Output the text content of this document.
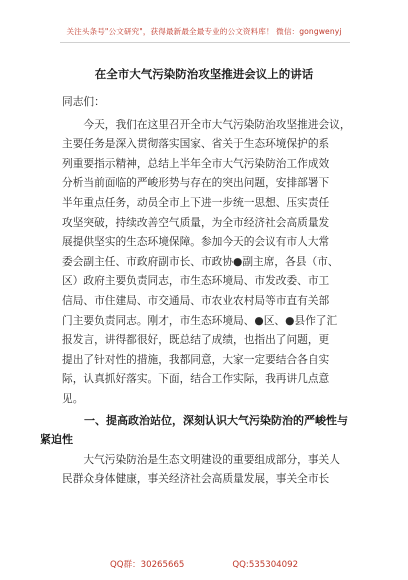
关注头条号"公文研究"，获得最新最全最专业的公文资料库！ 微信：gongwenyj
在全市大气污染防治攻坚推进会议上的讲话

同志们：

今天，我们在这里召开全市大气污染防治攻坚推进会议，
主要任务是深入贯彻落实国家、省关于生态环境保护的系
列重要指示精神，总结上半年全市大气污染防治工作成效
分析当前面临的严峻形势与存在的突出问题，安排部署下
半年重点任务，动员全市上下进一步统一思想、压实责任
攻坚突破，持续改善空气质量，为全市经济社会高质量发
展提供坚实的生态环境保障。参加今天的会议有市人大常
委会副主任、市政府副市长、市政协●副主席，各县（市、
区）政府主要负责同志，市生态环境局、市发改委、市工
信局、市住建局、市交通局、市农业农村局等市直有关部
门主要负责同志。刚才，市生态环境局、●区、●县作了汇
报发言，讲得都很好，既总结了成绩，也指出了问题，更
提出了针对性的措施，我都同意，大家一定要结合各自实
际，认真抓好落实。下面，结合工作实际，我再讲几点意
见。

一、提高政治站位，深刻认识大气污染防治的严峻性与
紧迫性

大气污染防治是生态文明建设的重要组成部分，事关人
民群众身体健康，事关经济社会高质量发展，事关全市长

QQ群：30265665	QQ:535304092
